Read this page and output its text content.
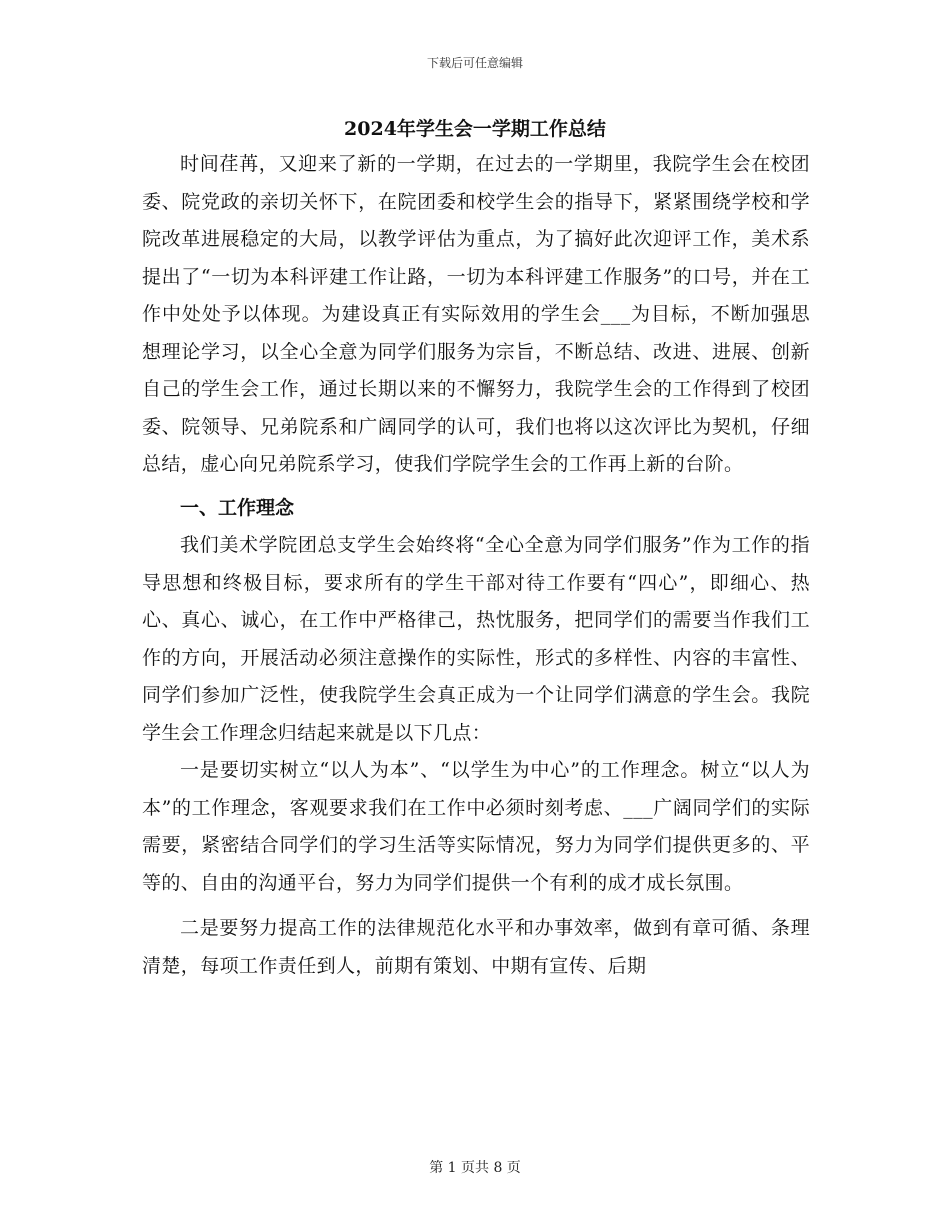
下载后可任意编辑
2024年学生会一学期工作总结

时间荏苒，又迎来了新的一学期，在过去的一学期里，我院学生会在校团委、院党政的亲切关怀下，在院团委和校学生会的指导下，紧紧围绕学校和学院改革进展稳定的大局，以教学评估为重点，为了搞好此次迎评工作，美术系提出了“一切为本科评建工作让路，一切为本科评建工作服务”的口号，并在工作中处处予以体现。为建设真正有实际效用的学生会___为目标，不断加强思想理论学习，以全心全意为同学们服务为宗旨，不断总结、改进、进展、创新自己的学生会工作，通过长期以来的不懈努力，我院学生会的工作得到了校团委、院领导、兄弟院系和广阔同学的认可，我们也将以这次评比为契机，仔细总结，虚心向兄弟院系学习，使我们学院学生会的工作再上新的台阶。

一、工作理念

我们美术学院团总支学生会始终将“全心全意为同学们服务”作为工作的指导思想和终极目标，要求所有的学生干部对待工作要有“四心”，即细心、热心、真心、诚心，在工作中严格律己，热忱服务，把同学们的需要当作我们工作的方向，开展活动必须注意操作的实际性，形式的多样性、内容的丰富性、同学们参加广泛性，使我院学生会真正成为一个让同学们满意的学生会。我院学生会工作理念归结起来就是以下几点：

一是要切实树立“以人为本”、“以学生为中心”的工作理念。树立“以人为本”的工作理念，客观要求我们在工作中必须时刻考虑、___广阔同学们的实际需要，紧密结合同学们的学习生活等实际情况，努力为同学们提供更多的、平等的、自由的沟通平台，努力为同学们提供一个有利的成才成长氛围。

二是要努力提高工作的法律规范化水平和办事效率，做到有章可循、条理清楚，每项工作责任到人，前期有策划、中期有宣传、后期

第 1 页共 8 页
